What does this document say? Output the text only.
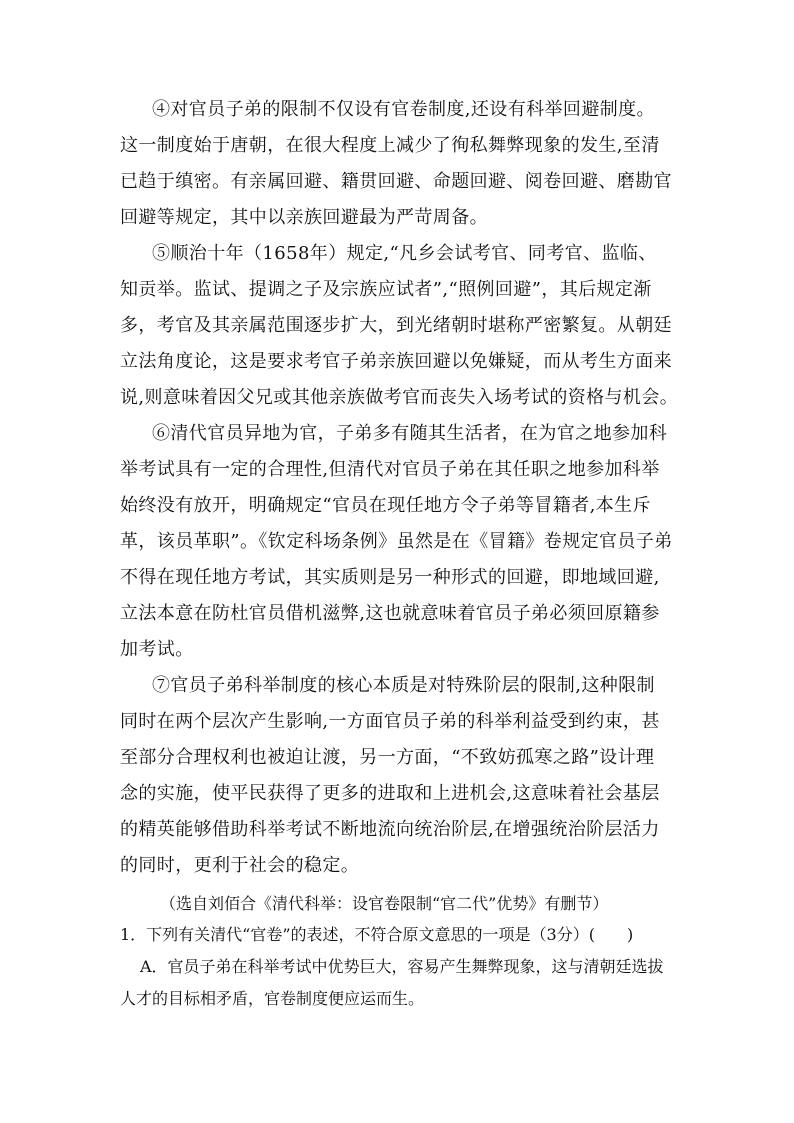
④对官员子弟的限制不仅设有官卷制度,还设有科举回避制度。
这一制度始于唐朝，在很大程度上减少了徇私舞弊现象的发生,至清
已趋于缜密。有亲属回避、籍贯回避、命题回避、阅卷回避、磨勘官
回避等规定，其中以亲族回避最为严苛周备。
⑤顺治十年（1658年）规定,“凡乡会试考官、同考官、监临、
知贡举。监试、提调之子及宗族应试者”,“照例回避”，其后规定渐
多，考官及其亲属范围逐步扩大，到光绪朝时堪称严密繁复。从朝廷
立法角度论，这是要求考官子弟亲族回避以免嫌疑，而从考生方面来
说,则意味着因父兄或其他亲族做考官而丧失入场考试的资格与机会。
⑥清代官员异地为官，子弟多有随其生活者，在为官之地参加科
举考试具有一定的合理性,但清代对官员子弟在其任职之地参加科举
始终没有放开，明确规定“官员在现任地方令子弟等冒籍者,本生斥
革，该员革职”。《钦定科场条例》虽然是在《冒籍》卷规定官员子弟
不得在现任地方考试，其实质则是另一种形式的回避，即地域回避,
立法本意在防杜官员借机滋弊,这也就意味着官员子弟必须回原籍参
加考试。
⑦官员子弟科举制度的核心本质是对特殊阶层的限制,这种限制
同时在两个层次产生影响,一方面官员子弟的科举利益受到约束，甚
至部分合理权利也被迫让渡，另一方面，“不致妨孤寒之路”设计理
念的实施，使平民获得了更多的进取和上进机会,这意味着社会基层
的精英能够借助科举考试不断地流向统治阶层,在增强统治阶层活力
的同时，更利于社会的稳定。
（选自刘佰合《清代科举：设官卷限制“官二代”优势》有删节）
1．下列有关清代“官卷”的表述，不符合原文意思的一项是（3分）(　　)
A．官员子弟在科举考试中优势巨大，容易产生舞弊现象，这与清朝廷选拔
人才的目标相矛盾，官卷制度便应运而生。
